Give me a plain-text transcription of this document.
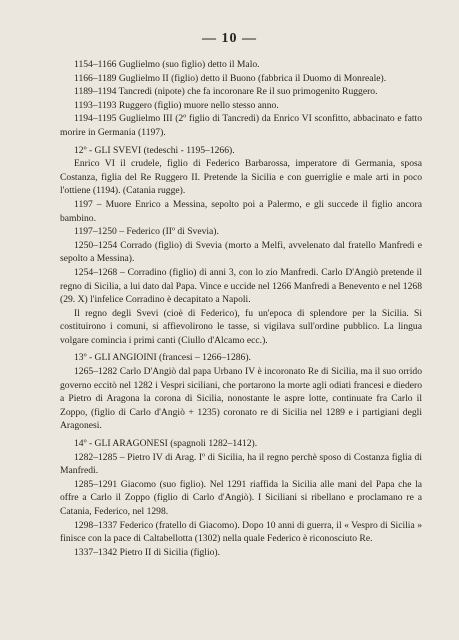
— 10 —

1154–1166 Guglielmo (suo figlio) detto il Malo.

1166–1189 Guglielmo II (figlio) detto il Buono (fabbrica il Duomo di Monreale).

1189–1194 Tancredi (nipote) che fa incoronare Re il suo primogenito Ruggero.

1193–1193 Ruggero (figlio) muore nello stesso anno.

1194–1195 Guglielmo III (2º figlio di Tancredi) da Enrico VI sconfitto, abbacinato e fatto morire in Germania (1197).

12º - GLI SVEVI (tedeschi - 1195–1266).

Enrico VI il crudele, figlio di Federico Barbarossa, imperatore di Germania, sposa Costanza, figlia del Re Ruggero II. Pretende la Sicilia e con guerriglie e male arti in poco l'ottiene (1194). (Catania rugge).

1197 – Muore Enrico a Messina, sepolto poi a Palermo, e gli succede il figlio ancora bambino.

1197–1250 – Federico (IIº di Svevia).

1250–1254 Corrado (figlio) di Svevia (morto a Melfi, avvelenato dal fratello Manfredi e sepolto a Messina).

1254–1268 – Corradino (figlio) di anni 3, con lo zio Manfredi. Carlo D'Angiò pretende il regno di Sicilia, a lui dato dal Papa. Vince e uccide nel 1266 Manfredi a Benevento e nel 1268 (29. X) l'infelice Corradino è decapitato a Napoli.

Il regno degli Svevi (cioè di Federico), fu un'epoca di splendore per la Sicilia. Si costituirono i comuni, si affievolirono le tasse, si vigilava sull'ordine pubblico. La lingua volgare comincia i primi canti (Ciullo d'Alcamo ecc.).

13º - GLI ANGIOINI (francesi – 1266–1286).

1265–1282 Carlo D'Angiò dal papa Urbano IV è incoronato Re di Sicilia, ma il suo orrido governo eccitò nel 1282 i Vespri siciliani, che portarono la morte agli odiati francesi e diedero a Pietro di Aragona la corona di Sicilia, nonostante le aspre lotte, continuate fra Carlo il Zoppo, (figlio di Carlo d'Angiò + 1235) coronato re di Sicilia nel 1289 e i partigiani degli Aragonesi.

14º - GLI ARAGONESI (spagnoli 1282–1412).

1282–1285 – Pietro IV di Arag. Iº di Sicilia, ha il regno perchè sposo di Costanza figlia di Manfredi.

1285–1291 Giacomo (suo figlio). Nel 1291 riaffida la Sicilia alle mani del Papa che la offre a Carlo il Zoppo (figlio di Carlo d'Angiò). I Siciliani si ribellano e proclamano re a Catania, Federico, nel 1298.

1298–1337 Federico (fratello di Giacomo). Dopo 10 anni di guerra, il « Vespro di Sicilia » finisce con la pace di Caltabellotta (1302) nella quale Federico è riconosciuto Re.

1337–1342 Pietro II di Sicilia (figlio).
